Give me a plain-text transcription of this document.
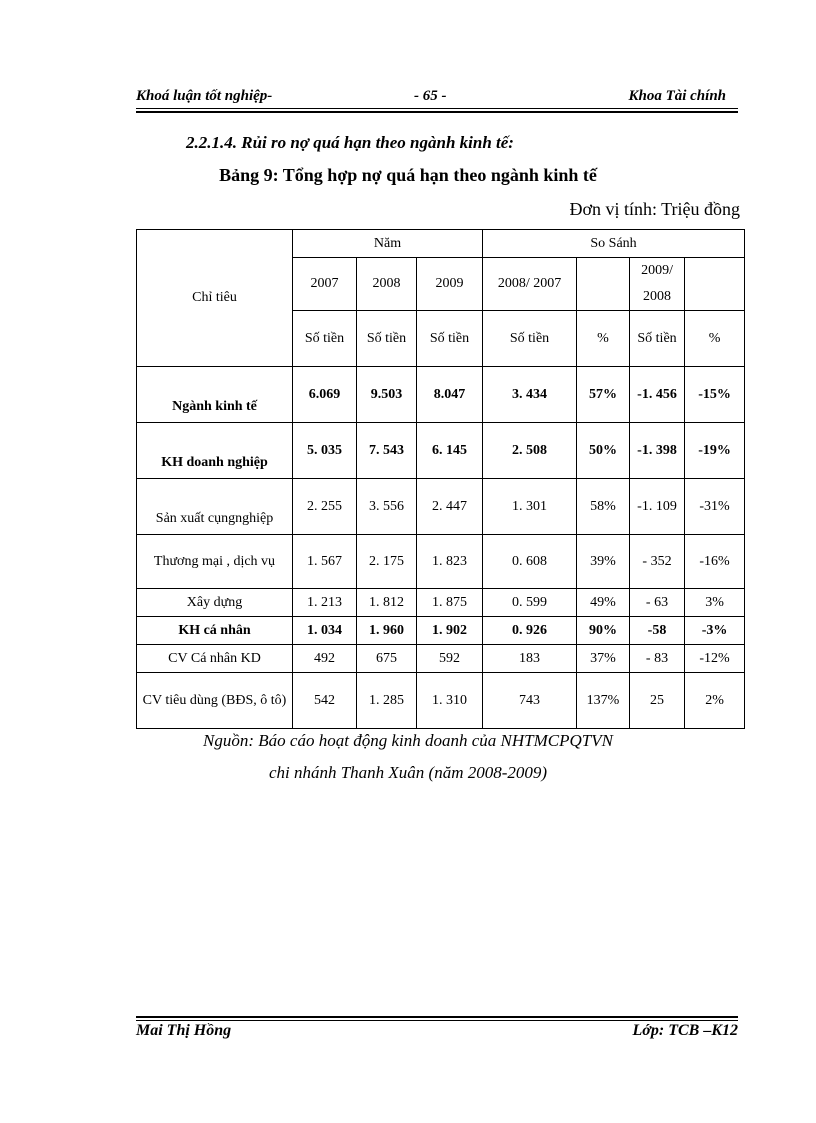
Khoá luận tốt nghiệp-	- 65 -	Khoa Tài chính
2.2.1.4. Rủi ro nợ quá hạn theo ngành kinh tế:
Bảng 9: Tổng hợp nợ quá hạn theo ngành kinh tế
Đơn vị tính: Triệu đồng
Chỉ tiêu	Năm			So Sánh			
	2007	2008	2009	2008/ 2007		2009/ 2008	
	Số tiền	Số tiền	Số tiền	Số tiền	%	Số tiền	%
Ngành kinh tế	6.069	9.503	8.047	3. 434	57%	-1. 456	-15%
KH doanh nghiệp	5. 035	7. 543	6. 145	2. 508	50%	-1. 398	-19%
Sản xuất cụngnghiệp	2. 255	3. 556	2. 447	1. 301	58%	-1. 109	-31%
Thương mại , dịch vụ	1. 567	2. 175	1. 823	0. 608	39%	- 352	-16%
Xây dựng	1. 213	1. 812	1. 875	0. 599	49%	- 63	3%
KH cá nhân	1. 034	1. 960	1. 902	0. 926	90%	-58	-3%
CV Cá nhân KD	492	675	592	183	37%	- 83	-12%
CV tiêu dùng (BĐS, ô tô)	542	1. 285	1. 310	743	137%	25	2%
Nguồn: Báo cáo hoạt động kinh doanh của NHTMCPQTVN
chi nhánh Thanh Xuân (năm 2008-2009)
Mai Thị Hồng	Lớp: TCB –K12
